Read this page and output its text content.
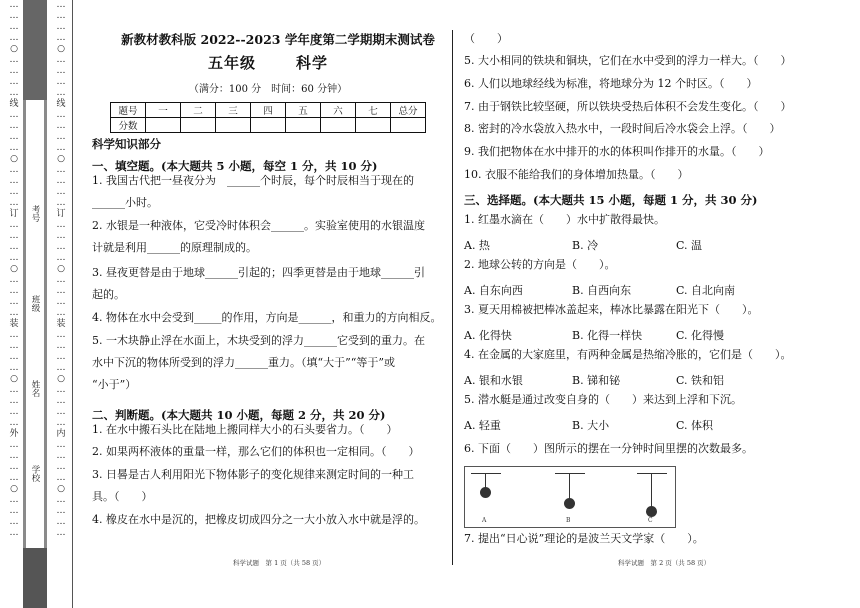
…
…
…
…
○
…
…
…
…
线
…
…
…
…
○
…
…
…
…
订
…
…
…
…
○
…
…
…
…
装
…
…
…
…
○
…
…
…
…
外
…
…
…
…
○
…
…
…
…
考号
班级
姓名
学校
…
…
…
…
○
…
…
…
…
线
…
…
…
…
○
…
…
…
…
订
…
…
…
…
○
…
…
…
…
装
…
…
…
…
○
…
…
…
…
内
…
…
…
…
○
…
…
…
…
新教材教科版 2022--2023 学年度第二学期期末测试卷
五年级	科学
（满分：100 分　时间：60 分钟）
题号	一	二	三	四	五	六	七	总分
分数								
科学知识部分
一、填空题。(本大题共 5 小题，每空 1 分，共 10 分)
1. 我国古代把一昼夜分为　______个时辰，每个时辰相当于现在的
______小时。
2. 水银是一种液体，它受冷时体积会______。实验室使用的水银温度
计就是利用______的原理制成的。
3. 昼夜更替是由于地球______引起的；四季更替是由于地球______引
起的。
4. 物体在水中会受到_____的作用，方向是______，和重力的方向相反。
5. 一木块静止浮在水面上，木块受到的浮力______它受到的重力。在
水中下沉的物体所受到的浮力______重力。（填“大于”“等于”或
“小于”）
二、判断题。(本大题共 10 小题，每题 2 分，共 20 分)
1. 在水中搬石头比在陆地上搬同样大小的石头要省力。（　　）
2. 如果两杯液体的重量一样，那么它们的体积也一定相同。（　　）
3. 日晷是古人利用阳光下物体影子的变化规律来测定时间的一种工
具。（　　）
4. 橡皮在水中是沉的，把橡皮切成四分之一大小放入水中就是浮的。
科学试题　第 1 页（共 58 页）
（　　）
5. 大小相同的铁块和铜块，它们在水中受到的浮力一样大。（　　）
6. 人们以地球经线为标准，将地球分为 12 个时区。（　　）
7. 由于钢铁比较坚硬，所以铁块受热后体积不会发生变化。（　　）
8. 密封的冷水袋放入热水中，一段时间后冷水袋会上浮。（　　）
9. 我们把物体在水中排开的水的体积叫作排开的水量。（　　）
10. 衣服不能给我们的身体增加热量。（　　）
三、选择题。(本大题共 15 小题，每题 1 分，共 30 分)
1. 红墨水滴在（　　）水中扩散得最快。
A. 热	B. 冷	C. 温
2. 地球公转的方向是（　　）。
A. 自东向西	B. 自西向东	C. 自北向南
3. 夏天用棉被把棒冰盖起来，棒冰比暴露在阳光下（　　）。
A. 化得快	B. 化得一样快	C. 化得慢
4. 在金属的大家庭里，有两种金属是热缩冷胀的，它们是（　　）。
A. 银和水银	B. 锑和铋	C. 铁和铝
5. 潜水艇是通过改变自身的（　　）来达到上浮和下沉。
A. 轻重	B. 大小	C. 体积
6. 下面（　　）图所示的摆在一分钟时间里摆的次数最多。
7. 提出“日心说”理论的是波兰天文学家（　　）。
科学试题　第 2 页（共 58 页）
A	B	C
